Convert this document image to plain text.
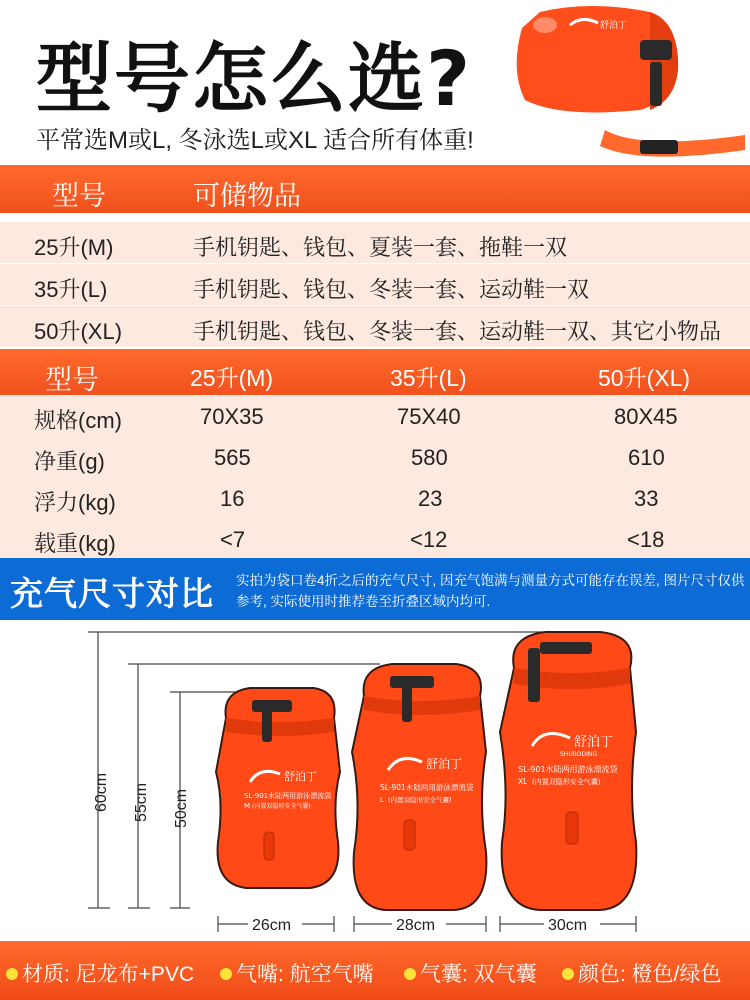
型号怎么选?
平常选M或L, 冬泳选L或XL 适合所有体重!
舒泊丁
型号	可储物品
25升(M)	手机钥匙、钱包、夏装一套、拖鞋一双
35升(L)	手机钥匙、钱包、冬装一套、运动鞋一双
50升(XL)	手机钥匙、钱包、冬装一套、运动鞋一双、其它小物品
型号	25升(M)	35升(L)	50升(XL)
规格(cm)	70X35	75X40	80X45
净重(g)	565	580	610
浮力(kg)	16	23	33
载重(kg)	<7	<12	<18
充气尺寸对比 实拍为袋口卷4折之后的充气尺寸, 因充气饱满与测量方式可能存在误差, 图片尺寸仅供参考, 实际使用时推荐卷至折叠区域内均可.
60cm 55cm 50cm
舒泊丁
SL-901水陆两用游泳漂流袋
M (内置双隐形安全气囊)
舒泊丁
SL-901水陆两用游泳漂流袋
L (内置双隐形安全气囊)
舒泊丁
SHUBODING
SL-901水陆两用游泳漂流袋
XL (内置双隐形安全气囊)
26cm	28cm	30cm
材质: 尼龙布+PVC	气嘴: 航空气嘴	气囊: 双气囊	颜色: 橙色/绿色
